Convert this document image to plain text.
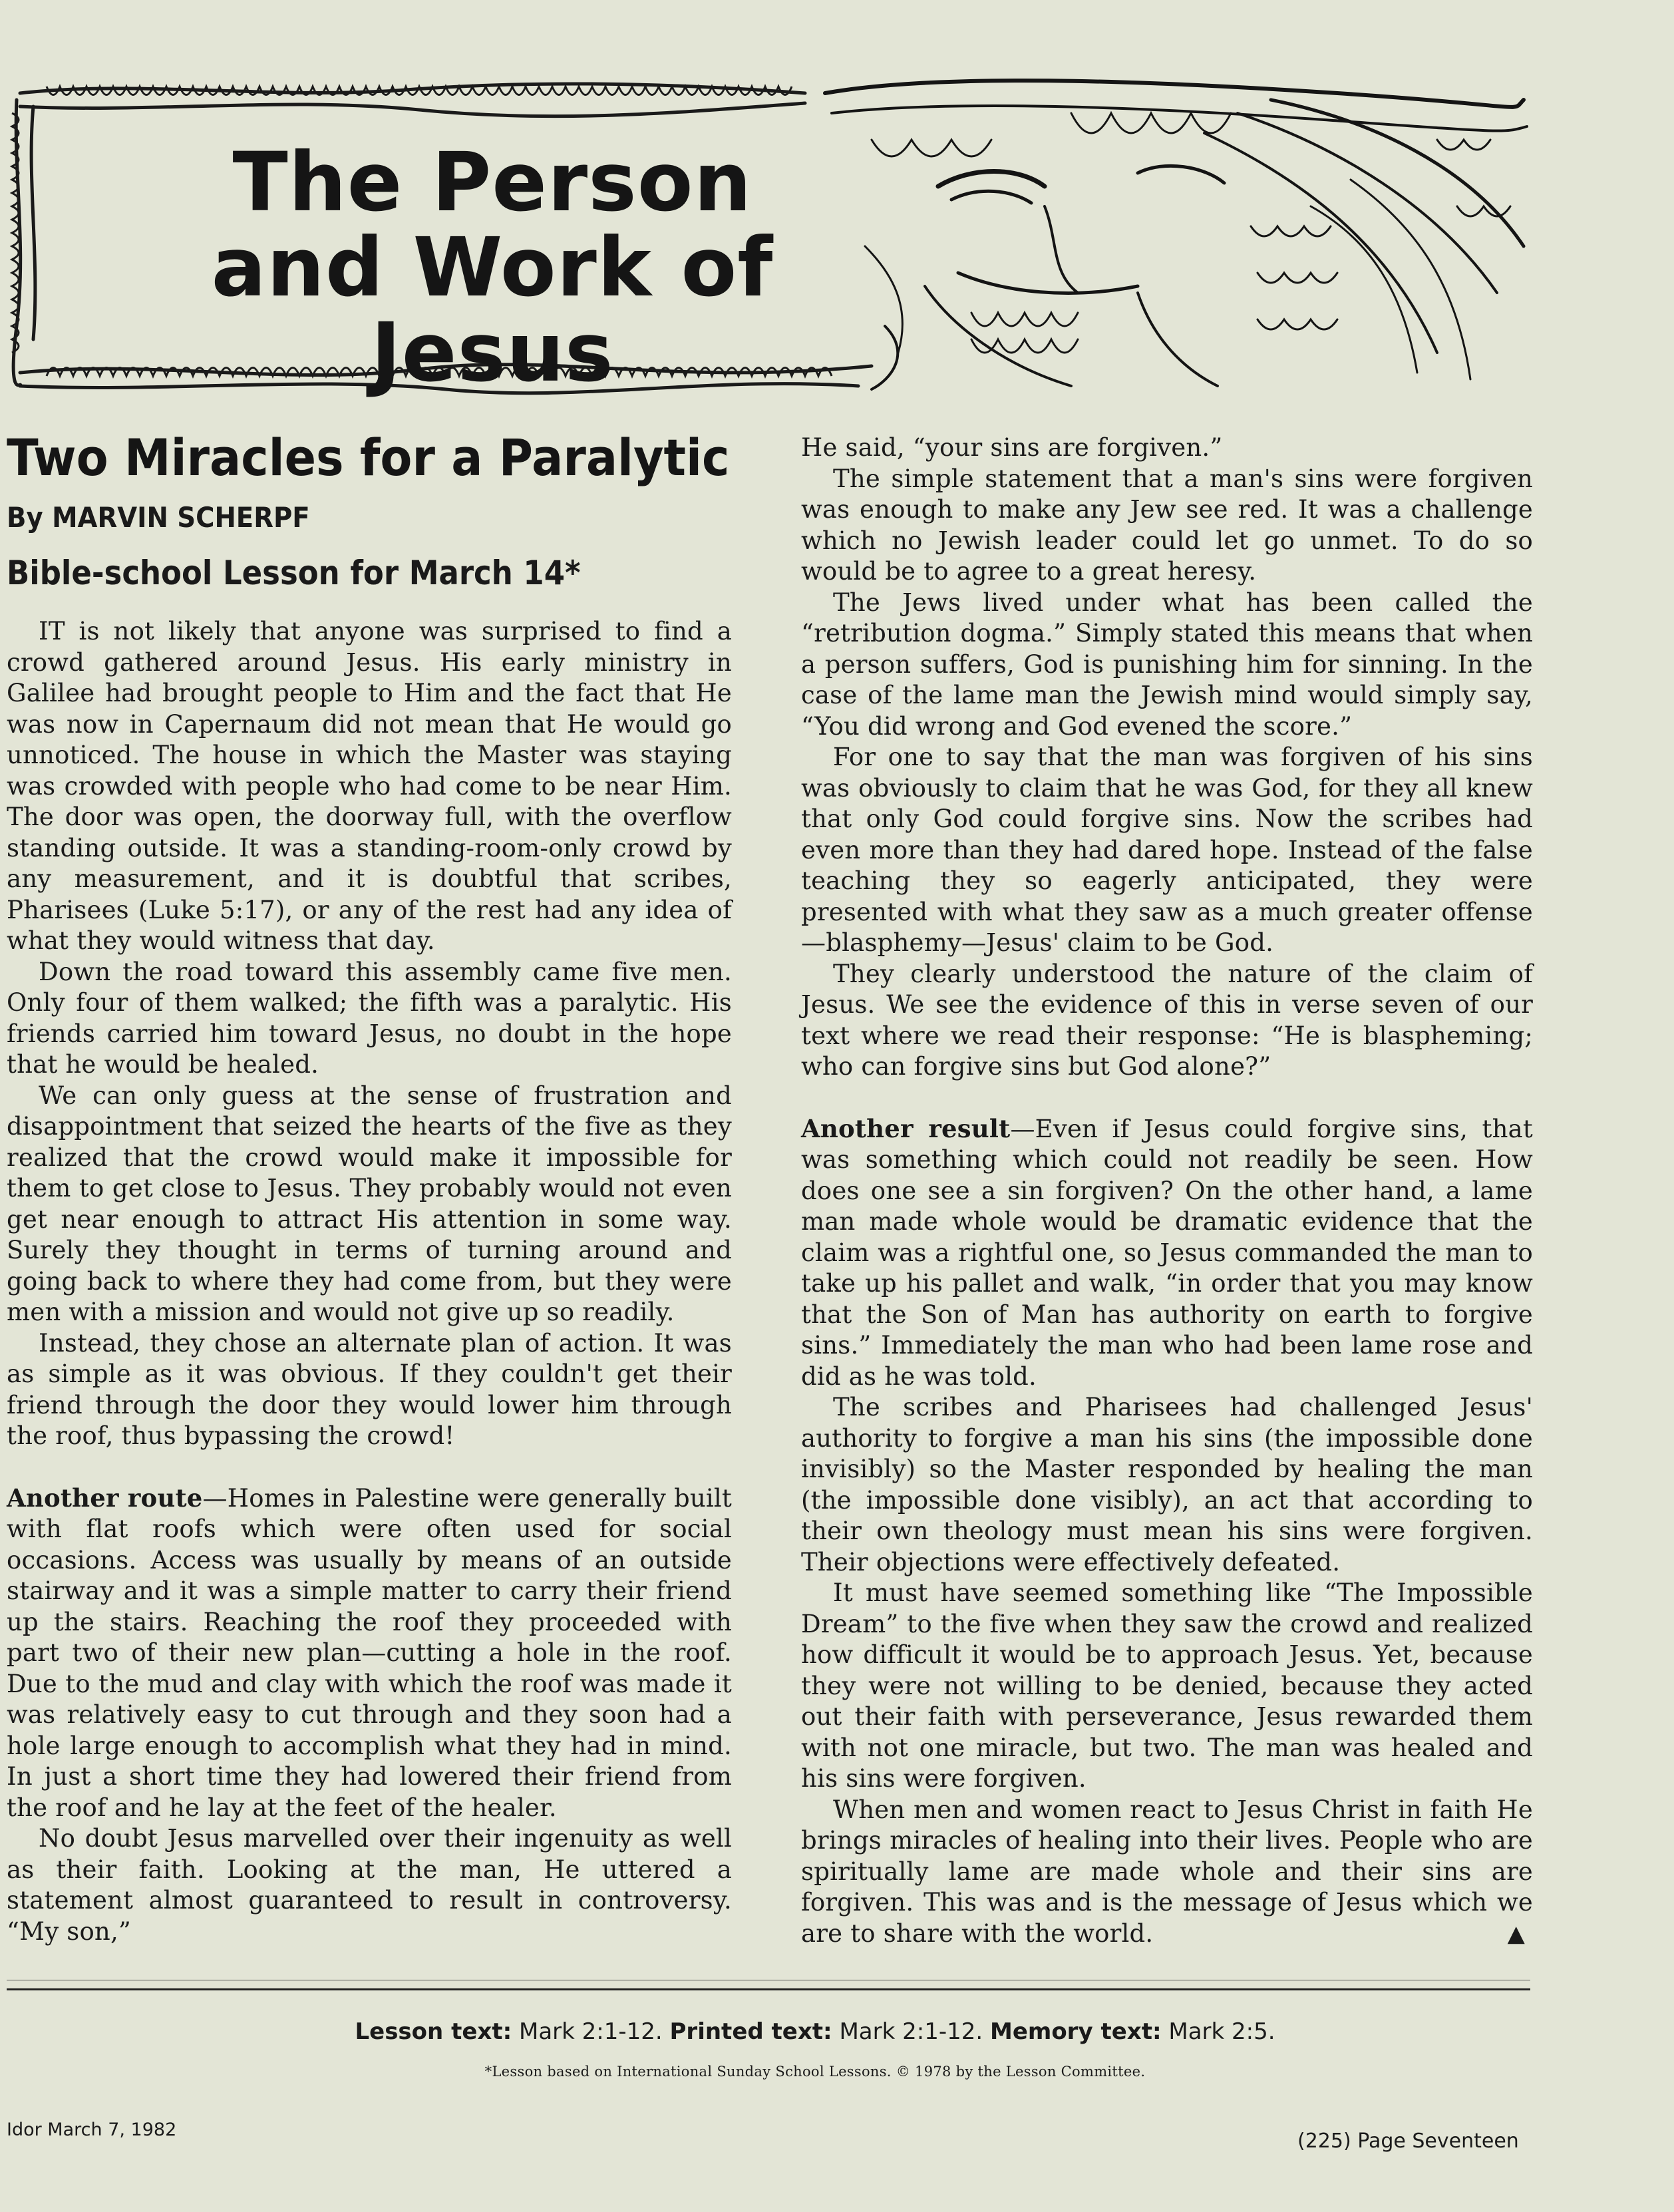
The Person
and Work of Jesus
Two Miracles for a Paralytic
By MARVIN SCHERPF
Bible-school Lesson for March 14*

IT is not likely that anyone was surprised to find a crowd gathered around Jesus. His early ministry in Galilee had brought people to Him and the fact that He was now in Capernaum did not mean that He would go unnoticed. The house in which the Master was staying was crowded with people who had come to be near Him. The door was open, the doorway full, with the overflow standing outside. It was a standing-room-only crowd by any measurement, and it is doubtful that scribes, Pharisees (Luke 5:17), or any of the rest had any idea of what they would witness that day.

Down the road toward this assembly came five men. Only four of them walked; the fifth was a paralytic. His friends carried him toward Jesus, no doubt in the hope that he would be healed.

We can only guess at the sense of frustration and disappointment that seized the hearts of the five as they realized that the crowd would make it impossible for them to get close to Jesus. They probably would not even get near enough to attract His attention in some way. Surely they thought in terms of turning around and going back to where they had come from, but they were men with a mission and would not give up so readily.

Instead, they chose an alternate plan of action. It was as simple as it was obvious. If they couldn't get their friend through the door they would lower him through the roof, thus bypassing the crowd!

Another route—Homes in Palestine were generally built with flat roofs which were often used for social occasions. Access was usually by means of an outside stairway and it was a simple matter to carry their friend up the stairs. Reaching the roof they proceeded with part two of their new plan—cutting a hole in the roof. Due to the mud and clay with which the roof was made it was relatively easy to cut through and they soon had a hole large enough to accomplish what they had in mind. In just a short time they had lowered their friend from the roof and he lay at the feet of the healer.

No doubt Jesus marvelled over their ingenuity as well as their faith. Looking at the man, He uttered a statement almost guaranteed to result in controversy. “My son,”

He said, “your sins are forgiven.”

The simple statement that a man's sins were forgiven was enough to make any Jew see red. It was a challenge which no Jewish leader could let go unmet. To do so would be to agree to a great heresy.

The Jews lived under what has been called the “retribution dogma.” Simply stated this means that when a person suffers, God is punishing him for sinning. In the case of the lame man the Jewish mind would simply say, “You did wrong and God evened the score.”

For one to say that the man was forgiven of his sins was obviously to claim that he was God, for they all knew that only God could forgive sins. Now the scribes had even more than they had dared hope. Instead of the false teaching they so eagerly anticipated, they were presented with what they saw as a much greater offense—blasphemy—Jesus' claim to be God.

They clearly understood the nature of the claim of Jesus. We see the evidence of this in verse seven of our text where we read their response: “He is blaspheming; who can forgive sins but God alone?”

Another result—Even if Jesus could forgive sins, that was something which could not readily be seen. How does one see a sin forgiven? On the other hand, a lame man made whole would be dramatic evidence that the claim was a rightful one, so Jesus commanded the man to take up his pallet and walk, “in order that you may know that the Son of Man has authority on earth to forgive sins.” Immediately the man who had been lame rose and did as he was told.

The scribes and Pharisees had challenged Jesus' authority to forgive a man his sins (the impossible done invisibly) so the Master responded by healing the man (the impossible done visibly), an act that according to their own theology must mean his sins were forgiven. Their objections were effectively defeated.

It must have seemed something like “The Impossible Dream” to the five when they saw the crowd and realized how difficult it would be to approach Jesus. Yet, because they were not willing to be denied, because they acted out their faith with perseverance, Jesus rewarded them with not one miracle, but two. The man was healed and his sins were forgiven.

When men and women react to Jesus Christ in faith He brings miracles of healing into their lives. People who are spiritually lame are made whole and their sins are forgiven. This was and is the message of Jesus which we are to share with the world.	▲

Lesson text: Mark 2:1-12. Printed text: Mark 2:1-12. Memory text: Mark 2:5.
*Lesson based on International Sunday School Lessons. © 1978 by the Lesson Committee.
Idor March 7, 1982	(225) Page Seventeen
